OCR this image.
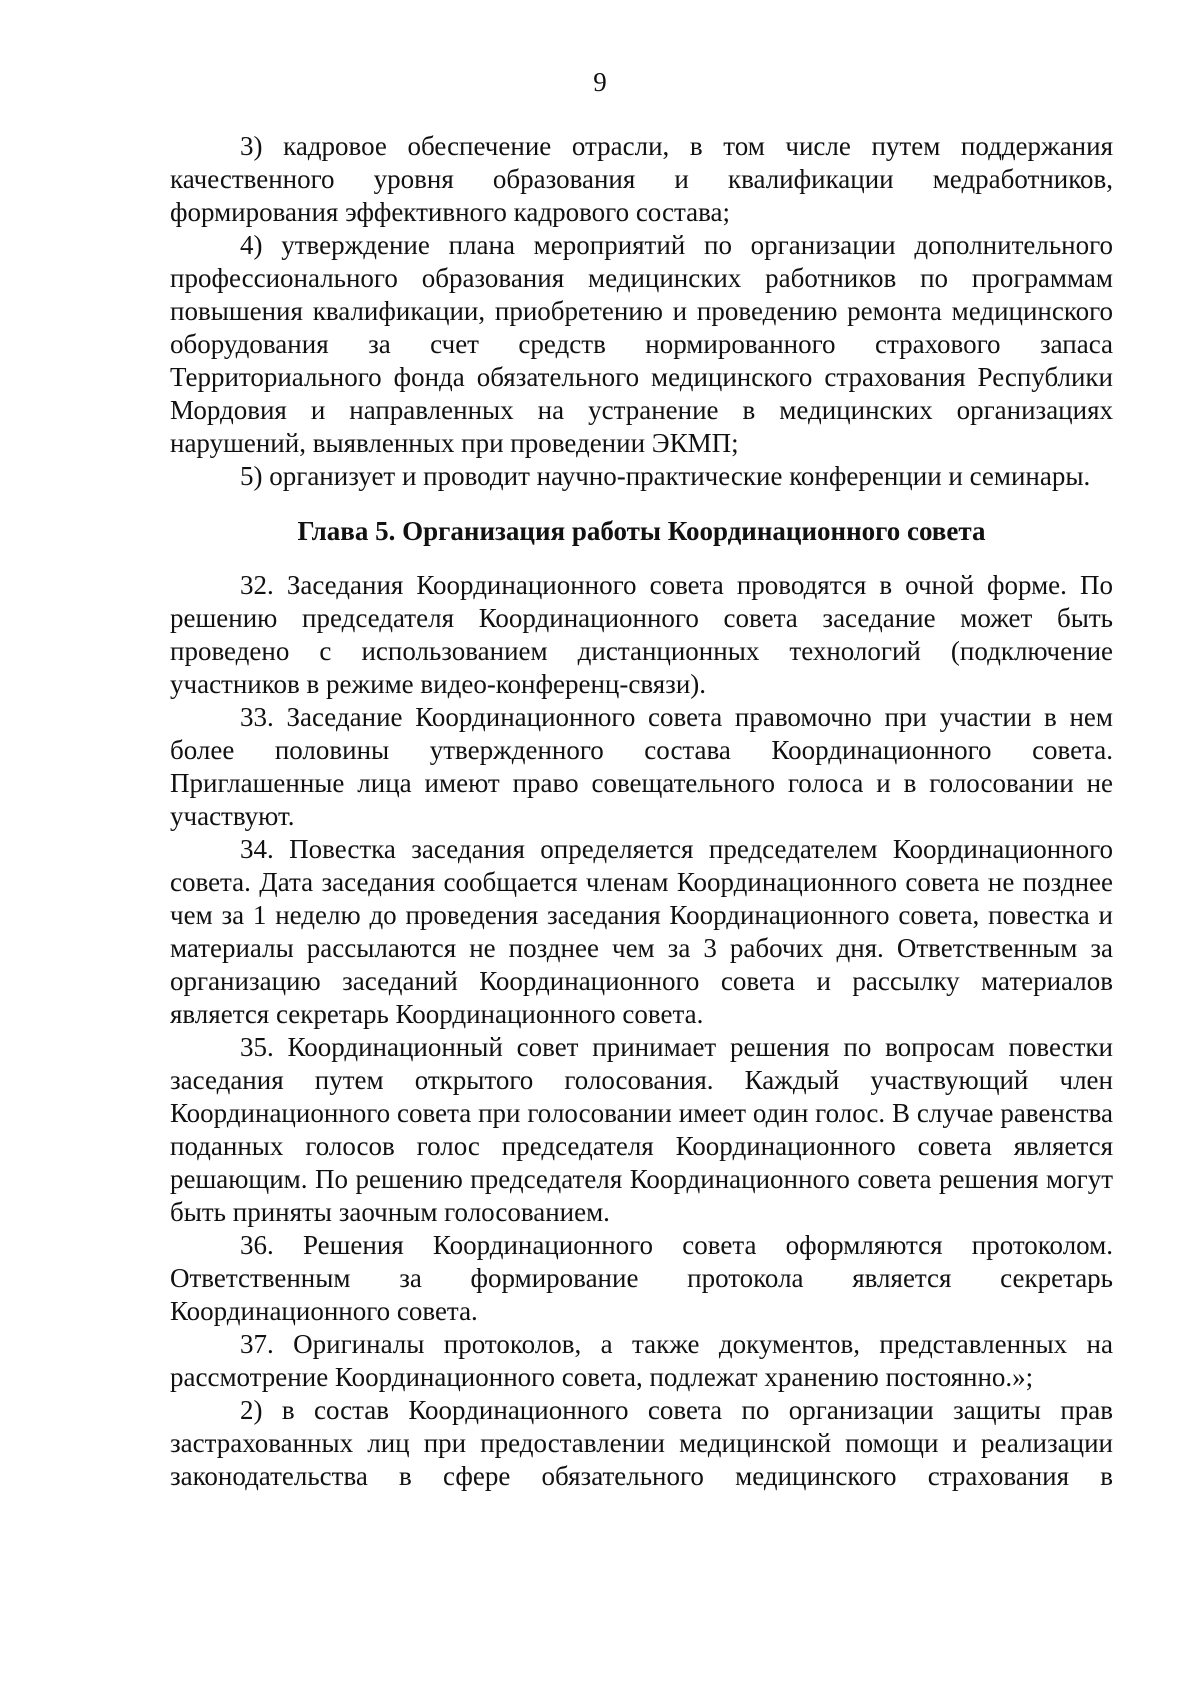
9

3) кадровое обеспечение отрасли, в том числе путем поддержания качественного уровня образования и квалификации медработников, формирования эффективного кадрового состава;

4) утверждение плана мероприятий по организации дополнительного профессионального образования медицинских работников по программам повышения квалификации, приобретению и проведению ремонта медицинского оборудования за счет средств нормированного страхового запаса Территориального фонда обязательного медицинского страхования Республики Мордовия и направленных на устранение в медицинских организациях нарушений, выявленных при проведении ЭКМП;

5) организует и проводит научно-практические конференции и семинары.

Глава 5. Организация работы Координационного совета

32. Заседания Координационного совета проводятся в очной форме. По решению председателя Координационного совета заседание может быть проведено с использованием дистанционных технологий (подключение участников в режиме видео-конференц-связи).

33. Заседание Координационного совета правомочно при участии в нем более половины утвержденного состава Координационного совета. Приглашенные лица имеют право совещательного голоса и в голосовании не участвуют.

34. Повестка заседания определяется председателем Координационного совета. Дата заседания сообщается членам Координационного совета не позднее чем за 1 неделю до проведения заседания Координационного совета, повестка и материалы рассылаются не позднее чем за 3 рабочих дня. Ответственным за организацию заседаний Координационного совета и рассылку материалов является секретарь Координационного совета.

35. Координационный совет принимает решения по вопросам повестки заседания путем открытого голосования. Каждый участвующий член Координационного совета при голосовании имеет один голос. В случае равенства поданных голосов голос председателя Координационного совета является решающим. По решению председателя Координационного совета решения могут быть приняты заочным голосованием.

36. Решения Координационного совета оформляются протоколом. Ответственным за формирование протокола является секретарь Координационного совета.

37. Оригиналы протоколов, а также документов, представленных на рассмотрение Координационного совета, подлежат хранению постоянно.»;

2) в состав Координационного совета по организации защиты прав застрахованных лиц при предоставлении медицинской помощи и реализации законодательства в сфере обязательного медицинского страхования в
